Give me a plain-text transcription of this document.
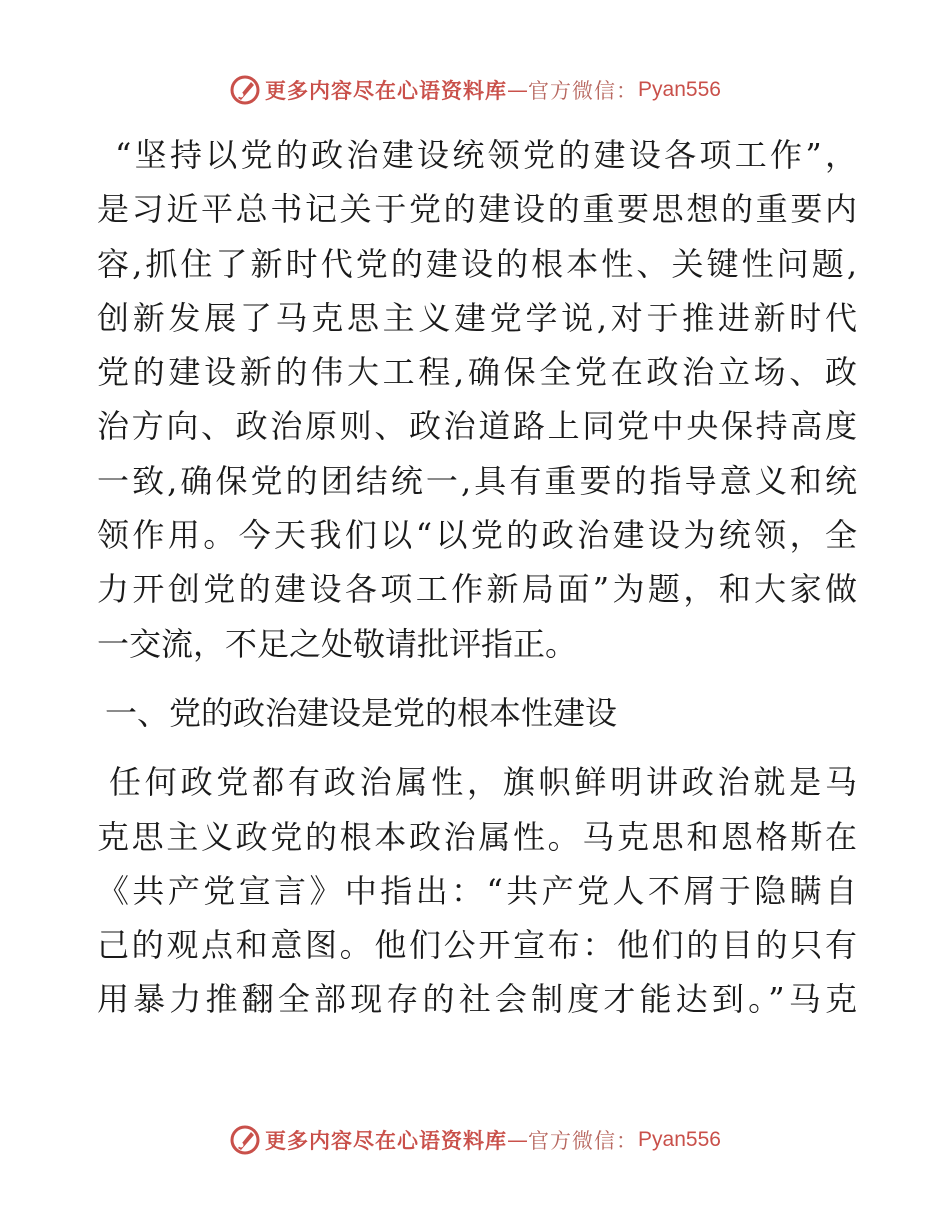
更多内容尽在心语资料库 — 官方微信： Pyan556
“坚持以党的政治建设统领党的建设各项工作”，
是习近平总书记关于党的建设的重要思想的重要内
容,抓住了新时代党的建设的根本性、关键性问题,
创新发展了马克思主义建党学说,对于推进新时代
党的建设新的伟大工程,确保全党在政治立场、政
治方向、政治原则、政治道路上同党中央保持高度
一致,确保党的团结统一,具有重要的指导意义和统
领作用。今天我们以“以党的政治建设为统领，全
力开创党的建设各项工作新局面”为题，和大家做
一交流，不足之处敬请批评指正。
一、党的政治建设是党的根本性建设
任何政党都有政治属性，旗帜鲜明讲政治就是马
克思主义政党的根本政治属性。马克思和恩格斯在
《共产党宣言》中指出：“共产党人不屑于隐瞒自
己的观点和意图。他们公开宣布：他们的目的只有
用暴力推翻全部现存的社会制度才能达到。”马克
更多内容尽在心语资料库 — 官方微信： Pyan556
